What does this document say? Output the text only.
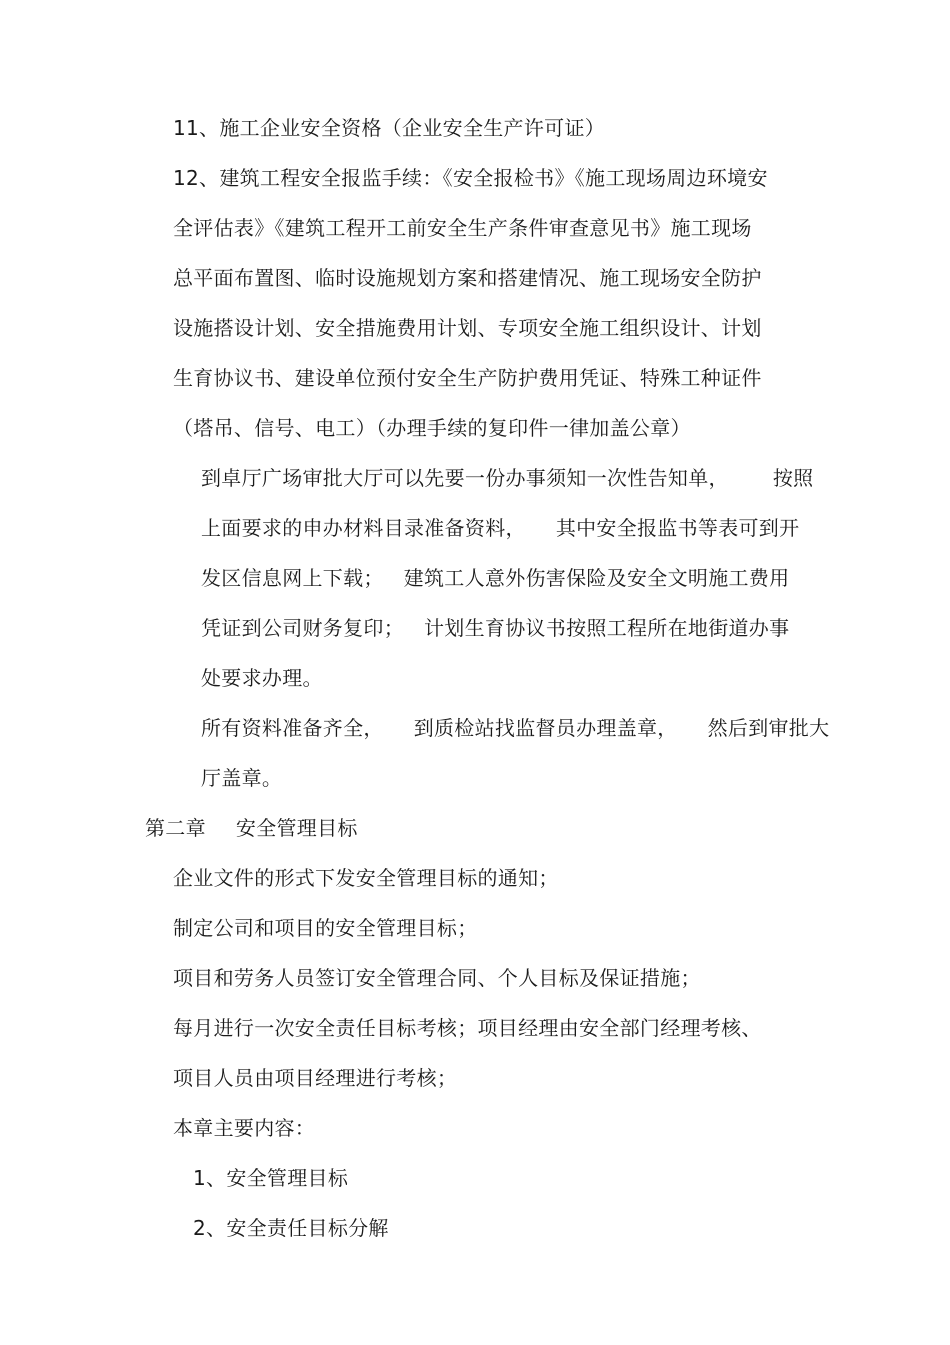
11、施工企业安全资格（企业安全生产许可证）
12、建筑工程安全报监手续：《安全报检书》《施工现场周边环境安
全评估表》《建筑工程开工前安全生产条件审查意见书》施工现场
总平面布置图、临时设施规划方案和搭建情况、施工现场安全防护
设施搭设计划、安全措施费用计划、专项安全施工组织设计、计划
生育协议书、建设单位预付安全生产防护费用凭证、特殊工种证件
（塔吊、信号、电工）（办理手续的复印件一律加盖公章）
到卓厅广场审批大厅可以先要一份办事须知一次性告知单， 按照
上面要求的申办材料目录准备资料， 其中安全报监书等表可到开
发区信息网上下载； 建筑工人意外伤害保险及安全文明施工费用
凭证到公司财务复印； 计划生育协议书按照工程所在地街道办事
处要求办理。
所有资料准备齐全， 到质检站找监督员办理盖章， 然后到审批大
厅盖章。
第二章 安全管理目标
企业文件的形式下发安全管理目标的通知；
制定公司和项目的安全管理目标；
项目和劳务人员签订安全管理合同、个人目标及保证措施；
每月进行一次安全责任目标考核；项目经理由安全部门经理考核、
项目人员由项目经理进行考核；
本章主要内容：
1、安全管理目标
2、安全责任目标分解
